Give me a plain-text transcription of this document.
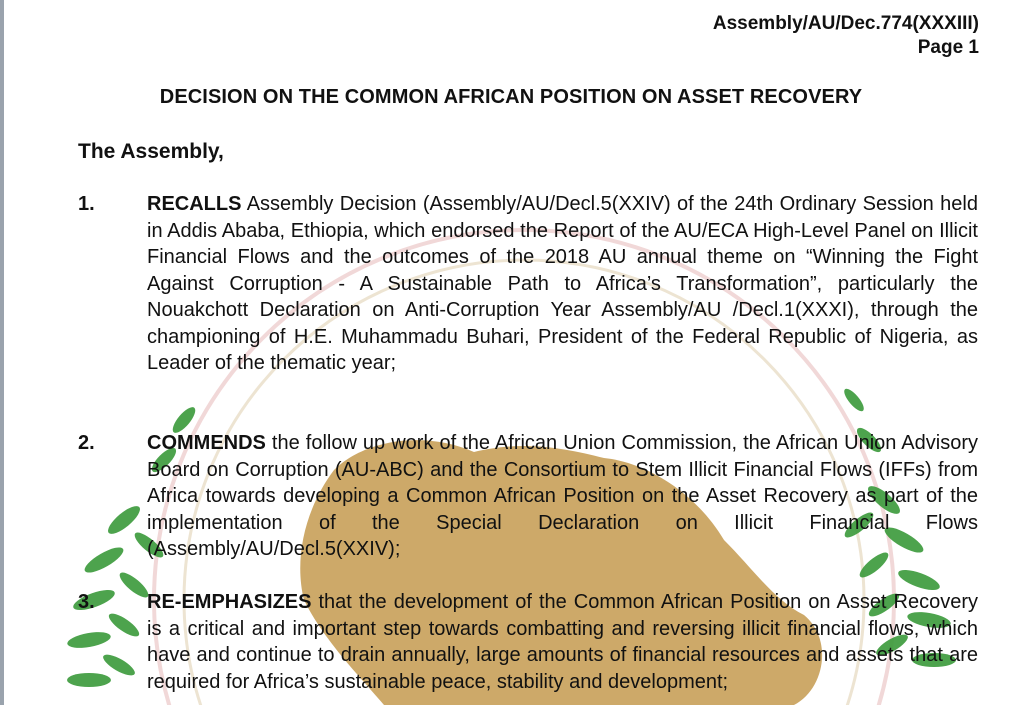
Assembly/AU/Dec.774(XXXIII)
Page 1
DECISION ON THE COMMON AFRICAN POSITION ON ASSET RECOVERY
The Assembly,
1.	RECALLS Assembly Decision (Assembly/AU/Decl.5(XXIV) of the 24th Ordinary Session held in Addis Ababa, Ethiopia, which endorsed the Report of the AU/ECA High-Level Panel on Illicit Financial Flows and the outcomes of the 2018 AU annual theme on “Winning the Fight Against Corruption - A Sustainable Path to Africa’s Transformation”, particularly the Nouakchott Declaration on Anti-Corruption Year Assembly/AU /Decl.1(XXXI), through the championing of H.E. Muhammadu Buhari, President of the Federal Republic of Nigeria, as Leader of the thematic year;
2.	COMMENDS the follow up work of the African Union Commission, the African Union Advisory Board on Corruption (AU-ABC) and the Consortium to Stem Illicit Financial Flows (IFFs) from Africa towards developing a Common African Position on the Asset Recovery as part of the implementation of the Special Declaration on Illicit Financial Flows (Assembly/AU/Decl.5(XXIV);
3.	RE-EMPHASIZES that the development of the Common African Position on Asset Recovery is a critical and important step towards combatting and reversing illicit financial flows, which have and continue to drain annually, large amounts of financial resources and assets that are required for Africa’s sustainable peace, stability and development;
